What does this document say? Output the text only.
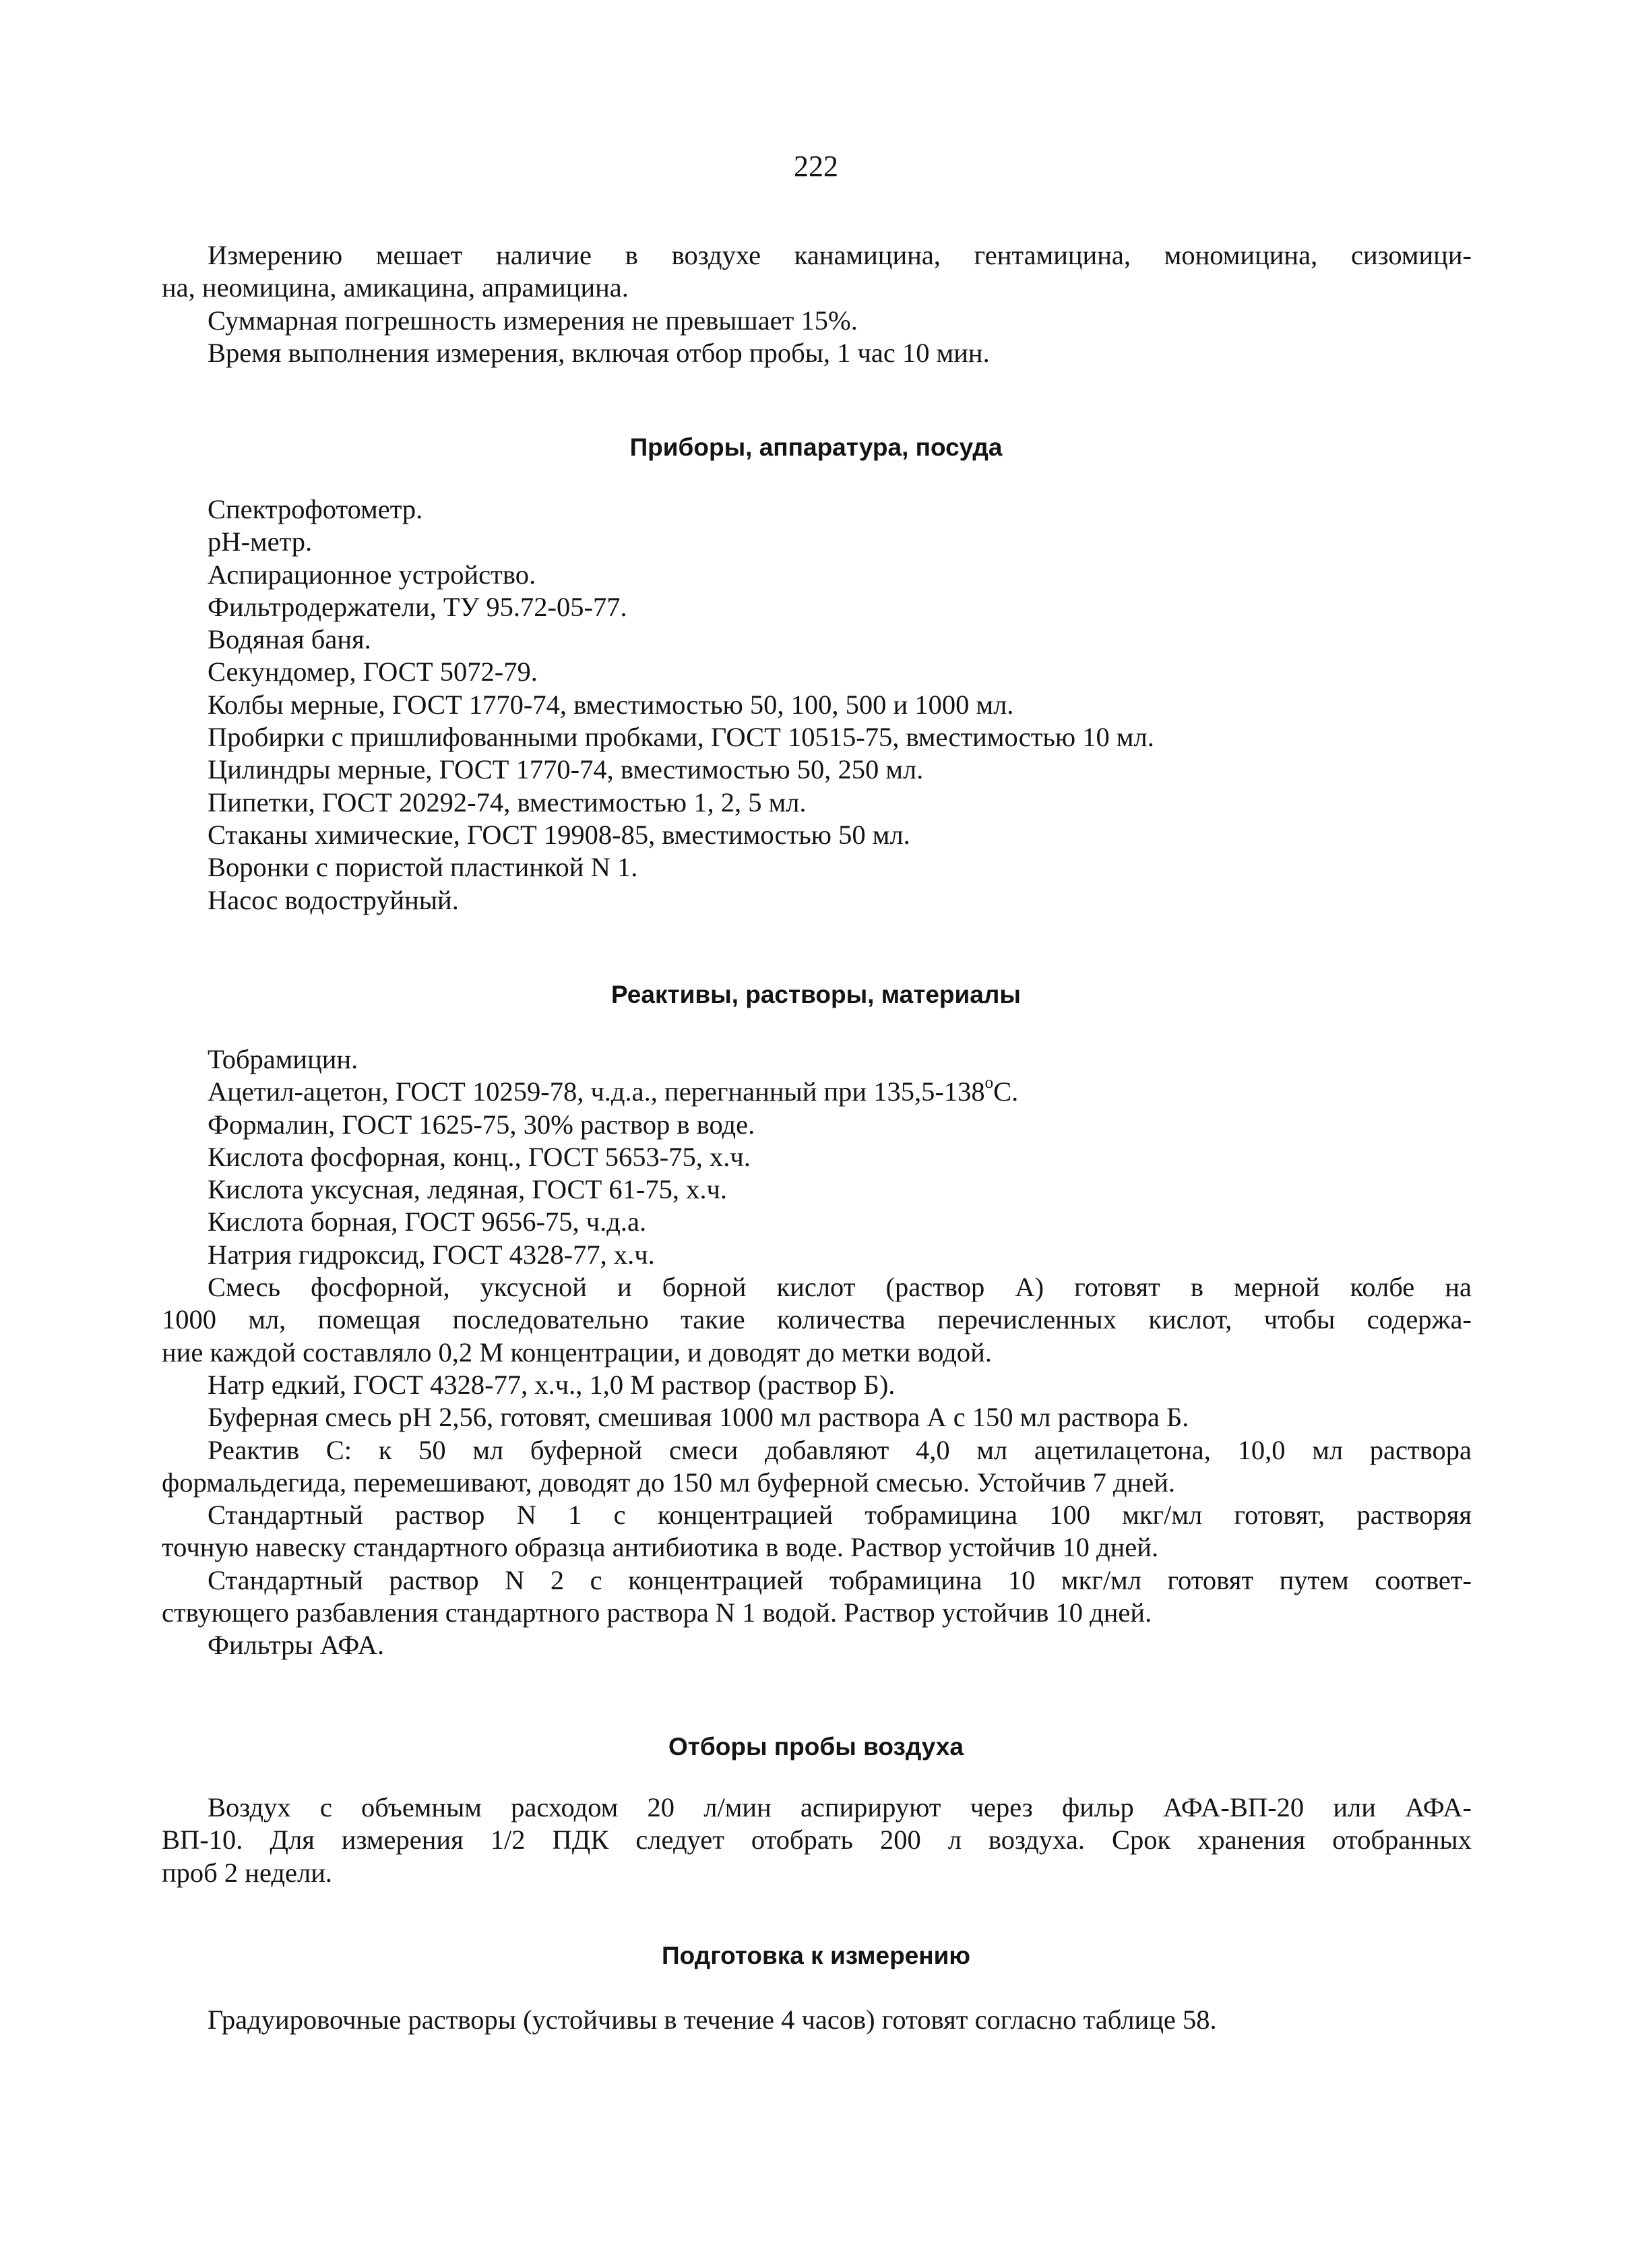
222
Измерению мешает наличие в воздухе канамицина, гентамицина, мономицина, сизомици-
на, неомицина, амикацина, апрамицина.
Суммарная погрешность измерения не превышает 15%.
Время выполнения измерения, включая отбор пробы, 1 час 10 мин.
Приборы, аппаратура, посуда
Спектрофотометр.
pH-метр.
Аспирационное устройство.
Фильтродержатели, ТУ 95.72-05-77.
Водяная баня.
Секундомер, ГОСТ 5072-79.
Колбы мерные, ГОСТ 1770-74, вместимостью 50, 100, 500 и 1000 мл.
Пробирки с пришлифованными пробками, ГОСТ 10515-75, вместимостью 10 мл.
Цилиндры мерные, ГОСТ 1770-74, вместимостью 50, 250 мл.
Пипетки, ГОСТ 20292-74, вместимостью 1, 2, 5 мл.
Стаканы химические, ГОСТ 19908-85, вместимостью 50 мл.
Воронки с пористой пластинкой N 1.
Насос водоструйный.
Реактивы, растворы, материалы
Тобрамицин.
Ацетил-ацетон, ГОСТ 10259-78, ч.д.а., перегнанный при $135,5-138^оС$.
Формалин, ГОСТ 1625-75, 30% раствор в воде.
Кислота фосфорная, конц., ГОСТ 5653-75, х.ч.
Кислота уксусная, ледяная, ГОСТ 61-75, х.ч.
Кислота борная, ГОСТ 9656-75, ч.д.а.
Натрия гидроксид, ГОСТ 4328-77, х.ч.
Смесь фосфорной, уксусной и борной кислот (раствор А) готовят в мерной колбе на
1000 мл, помещая последовательно такие количества перечисленных кислот, чтобы содержа-
ние каждой составляло 0,2 М концентрации, и доводят до метки водой.
Натр едкий, ГОСТ 4328-77, х.ч., 1,0 М раствор (раствор Б).
Буферная смесь pH 2,56, готовят, смешивая 1000 мл раствора А с 150 мл раствора Б.
Реактив С: к 50 мл буферной смеси добавляют 4,0 мл ацетилацетона, 10,0 мл раствора
формальдегида, перемешивают, доводят до 150 мл буферной смесью. Устойчив 7 дней.
Стандартный раствор N 1 с концентрацией тобрамицина 100 мкг/мл готовят, растворяя
точную навеску стандартного образца антибиотика в воде. Раствор устойчив 10 дней.
Стандартный раствор N 2 с концентрацией тобрамицина 10 мкг/мл готовят путем соответ-
ствующего разбавления стандартного раствора N 1 водой. Раствор устойчив 10 дней.
Фильтры АФА.
Отборы пробы воздуха
Воздух с объемным расходом 20 л/мин аспирируют через фильр АФА-ВП-20 или АФА-
ВП-10. Для измерения 1/2 ПДК следует отобрать 200 л воздуха. Срок хранения отобранных
проб 2 недели.
Подготовка к измерению
Градуировочные растворы (устойчивы в течение 4 часов) готовят согласно таблице 58.
